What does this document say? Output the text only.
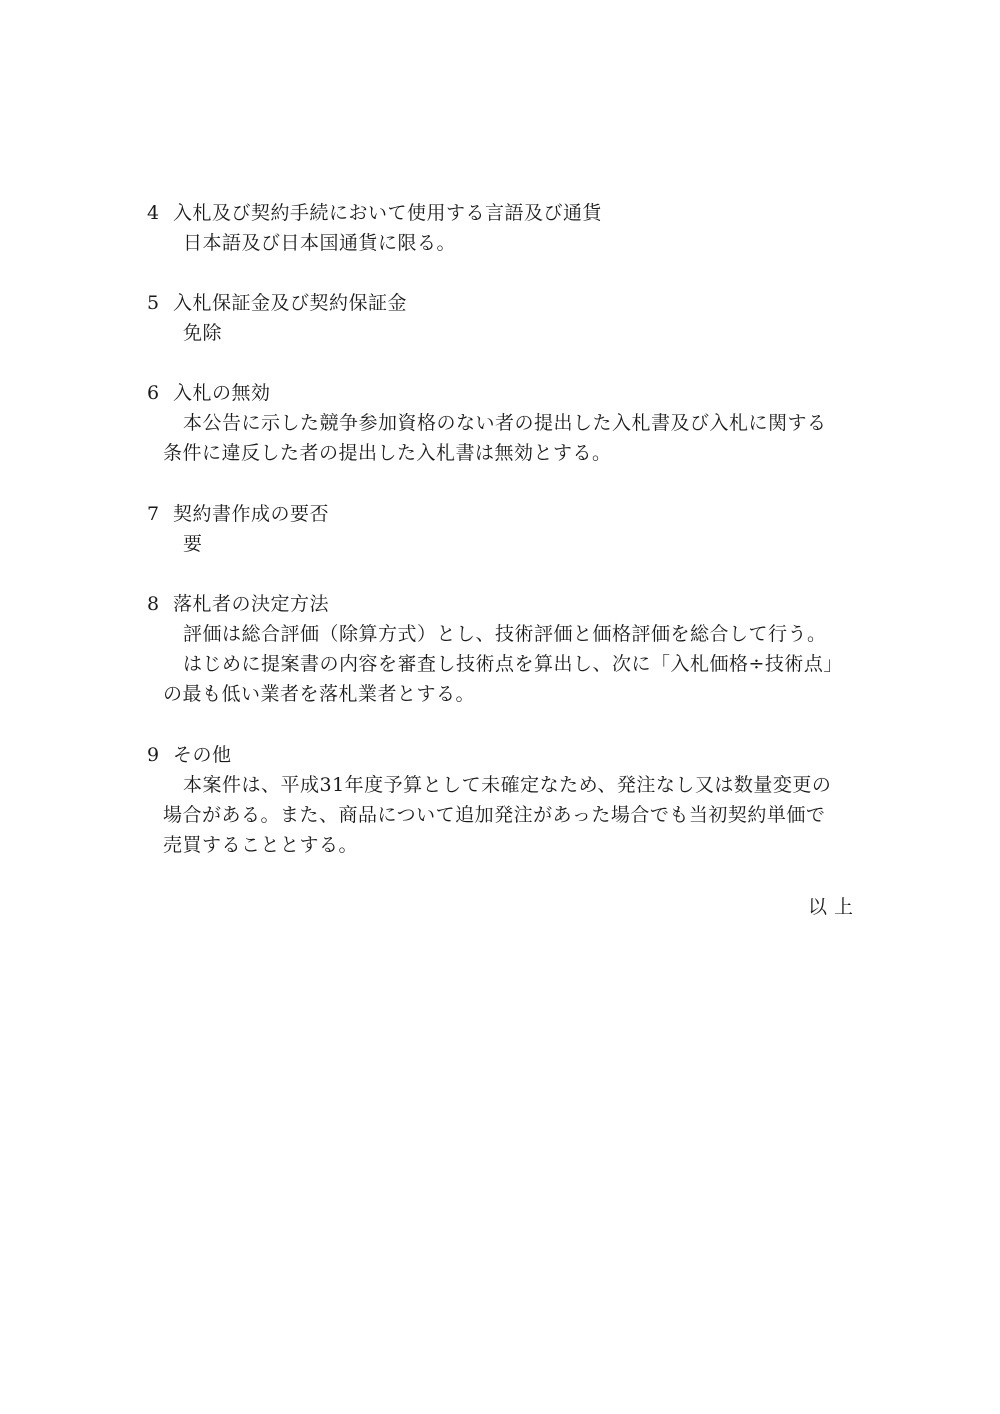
4 入札及び契約手続において使用する言語及び通貨
日本語及び日本国通貨に限る。
5 入札保証金及び契約保証金
免除
6 入札の無効
本公告に示した競争参加資格のない者の提出した入札書及び入札に関する
条件に違反した者の提出した入札書は無効とする。
7 契約書作成の要否
要
8 落札者の決定方法
評価は総合評価（除算方式）とし、技術評価と価格評価を総合して行う。
はじめに提案書の内容を審査し技術点を算出し、次に「入札価格÷技術点」
の最も低い業者を落札業者とする。
9 その他
本案件は、平成31年度予算として未確定なため、発注なし又は数量変更の
場合がある。また、商品について追加発注があった場合でも当初契約単価で
売買することとする。
以 上
